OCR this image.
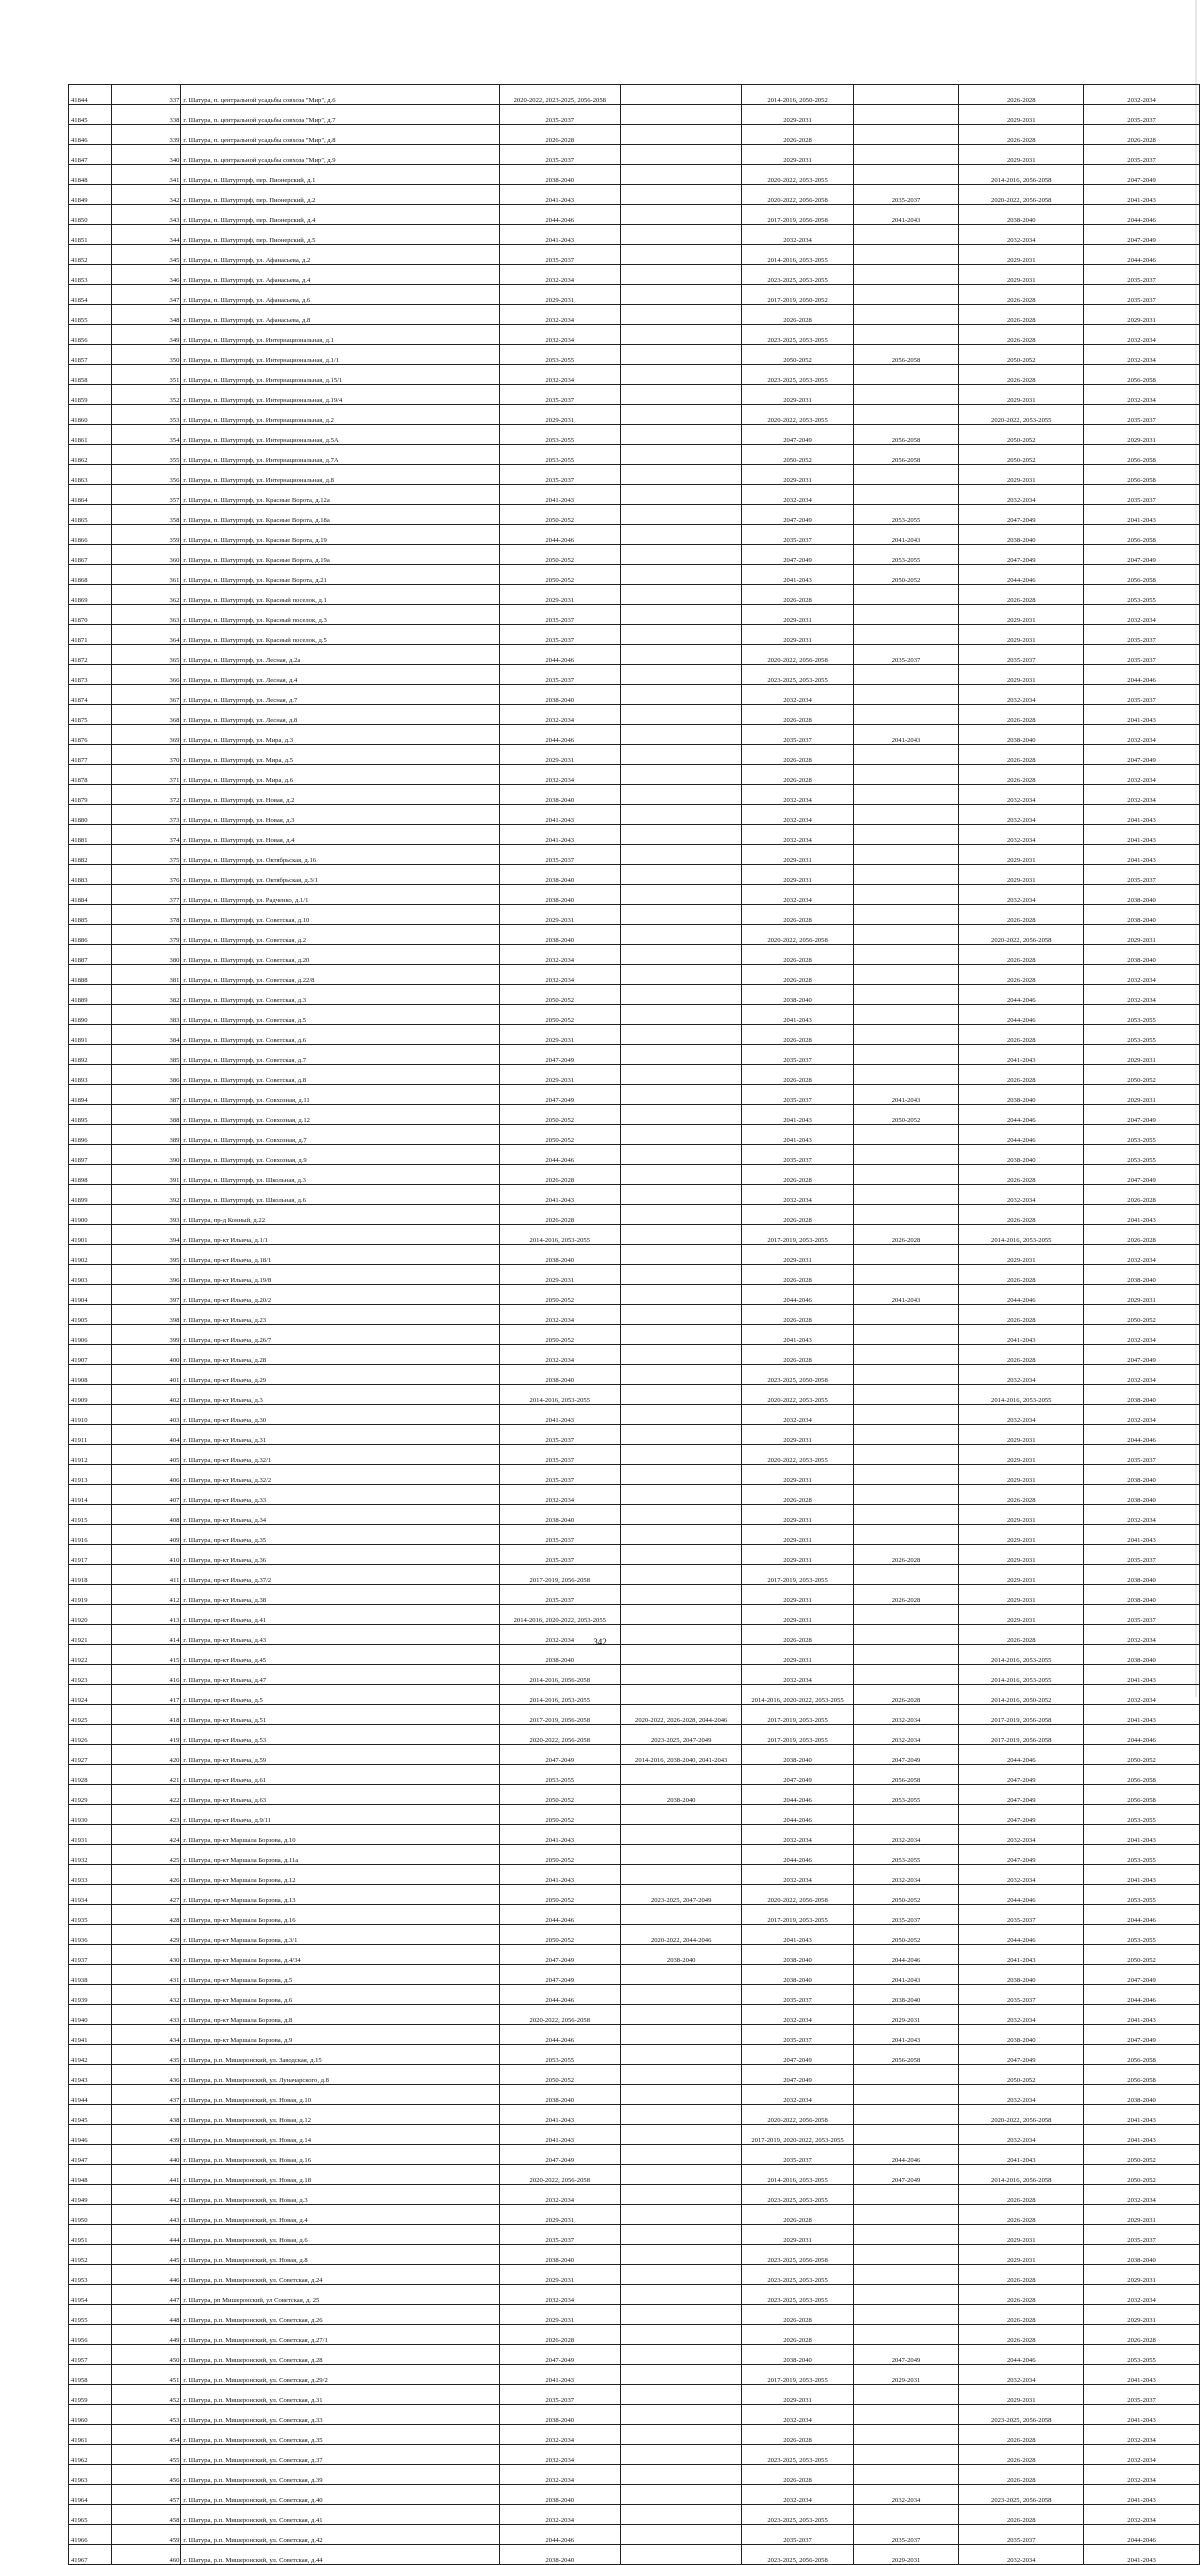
41844	337	г. Шатура, п. центральной усадьбы совхоза "Мир", д.6	2020-2022, 2023-2025, 2056-2058		2014-2016, 2050-2052		2026-2028	2032-2034
41845	338	г. Шатура, п. центральной усадьбы совхоза "Мир", д.7	2035-2037		2029-2031		2029-2031	2035-2037
41846	339	г. Шатура, п. центральной усадьбы совхоза "Мир", д.8	2026-2028		2026-2028		2026-2028	2026-2028
41847	340	г. Шатура, п. центральной усадьбы совхоза "Мир", д.9	2035-2037		2029-2031		2029-2031	2035-2037
41848	341	г. Шатура, п. Шатурторф, пер. Пионерский, д.1	2038-2040		2020-2022, 2053-2055		2014-2016, 2056-2058	2047-2049
41849	342	г. Шатура, п. Шатурторф, пер. Пионерский, д.2	2041-2043		2020-2022, 2056-2058	2035-2037	2020-2022, 2056-2058	2041-2043
41850	343	г. Шатура, п. Шатурторф, пер. Пионерский, д.4	2044-2046		2017-2019, 2056-2058	2041-2043	2038-2040	2044-2046
41851	344	г. Шатура, п. Шатурторф, пер. Пионерский, д.5	2041-2043		2032-2034		2032-2034	2047-2049
41852	345	г. Шатура, п. Шатурторф, ул. Афанасьева, д.2	2035-2037		2014-2016, 2053-2055		2029-2031	2044-2046
41853	346	г. Шатура, п. Шатурторф, ул. Афанасьева, д.4	2032-2034		2023-2025, 2053-2055		2029-2031	2035-2037
41854	347	г. Шатура, п. Шатурторф, ул. Афанасьева, д.6	2029-2031		2017-2019, 2050-2052		2026-2028	2035-2037
41855	348	г. Шатура, п. Шатурторф, ул. Афанасьева, д.8	2032-2034		2026-2028		2026-2028	2029-2031
41856	349	г. Шатура, п. Шатурторф, ул. Интернациональная, д.1	2032-2034		2023-2025, 2053-2055		2026-2028	2032-2034
41857	350	г. Шатура, п. Шатурторф, ул. Интернациональная, д.1/1	2053-2055		2050-2052	2056-2058	2050-2052	2032-2034
41858	351	г. Шатура, п. Шатурторф, ул. Интернациональная, д.15/1	2032-2034		2023-2025, 2053-2055		2026-2028	2056-2058
41859	352	г. Шатура, п. Шатурторф, ул. Интернациональная, д.19/4	2035-2037		2029-2031		2029-2031	2032-2034
41860	353	г. Шатура, п. Шатурторф, ул. Интернациональная, д.2	2029-2031		2020-2022, 2053-2055		2020-2022, 2053-2055	2035-2037
41861	354	г. Шатура, п. Шатурторф, ул. Интернациональная, д.5А	2053-2055		2047-2049	2056-2058	2050-2052	2029-2031
41862	355	г. Шатура, п. Шатурторф, ул. Интернациональная, д.7А	2053-2055		2050-2052	2056-2058	2050-2052	2056-2058
41863	356	г. Шатура, п. Шатурторф, ул. Интернациональная, д.8	2035-2037		2029-2031		2029-2031	2056-2058
41864	357	г. Шатура, п. Шатурторф, ул. Красные Ворота, д.12а	2041-2043		2032-2034		2032-2034	2035-2037
41865	358	г. Шатура, п. Шатурторф, ул. Красные Ворота, д.18а	2050-2052		2047-2049	2053-2055	2047-2049	2041-2043
41866	359	г. Шатура, п. Шатурторф, ул. Красные Ворота, д.19	2044-2046		2035-2037	2041-2043	2038-2040	2056-2058
41867	360	г. Шатура, п. Шатурторф, ул. Красные Ворота, д.19а	2050-2052		2047-2049	2053-2055	2047-2049	2047-2049
41868	361	г. Шатура, п. Шатурторф, ул. Красные Ворота, д.21	2050-2052		2041-2043	2050-2052	2044-2046	2056-2058
41869	362	г. Шатура, п. Шатурторф, ул. Красный поселок, д.1	2029-2031		2026-2028		2026-2028	2053-2055
41870	363	г. Шатура, п. Шатурторф, ул. Красный поселок, д.3	2035-2037		2029-2031		2029-2031	2032-2034
41871	364	г. Шатура, п. Шатурторф, ул. Красный поселок, д.5	2035-2037		2029-2031		2029-2031	2035-2037
41872	365	г. Шатура, п. Шатурторф, ул. Лесная, д.2а	2044-2046		2020-2022, 2056-2058	2035-2037	2035-2037	2035-2037
41873	366	г. Шатура, п. Шатурторф, ул. Лесная, д.4	2035-2037		2023-2025, 2053-2055		2029-2031	2044-2046
41874	367	г. Шатура, п. Шатурторф, ул. Лесная, д.7	2038-2040		2032-2034		2032-2034	2035-2037
41875	368	г. Шатура, п. Шатурторф, ул. Лесная, д.8	2032-2034		2026-2028		2026-2028	2041-2043
41876	369	г. Шатура, п. Шатурторф, ул. Мира, д.3	2044-2046		2035-2037	2041-2043	2038-2040	2032-2034
41877	370	г. Шатура, п. Шатурторф, ул. Мира, д.5	2029-2031		2026-2028		2026-2028	2047-2049
41878	371	г. Шатура, п. Шатурторф, ул. Мира, д.6	2032-2034		2026-2028		2026-2028	2032-2034
41879	372	г. Шатура, п. Шатурторф, ул. Новая, д.2	2038-2040		2032-2034		2032-2034	2032-2034
41880	373	г. Шатура, п. Шатурторф, ул. Новая, д.3	2041-2043		2032-2034		2032-2034	2041-2043
41881	374	г. Шатура, п. Шатурторф, ул. Новая, д.4	2041-2043		2032-2034		2032-2034	2041-2043
41882	375	г. Шатура, п. Шатурторф, ул. Октябрьская, д.16	2035-2037		2029-2031		2029-2031	2041-2043
41883	376	г. Шатура, п. Шатурторф, ул. Октябрьская, д.3/1	2038-2040		2029-2031		2029-2031	2035-2037
41884	377	г. Шатура, п. Шатурторф, ул. Радченко, д.1/1	2038-2040		2032-2034		2032-2034	2038-2040
41885	378	г. Шатура, п. Шатурторф, ул. Советская, д.10	2029-2031		2026-2028		2026-2028	2038-2040
41886	379	г. Шатура, п. Шатурторф, ул. Советская, д.2	2038-2040		2020-2022, 2056-2058		2020-2022, 2056-2058	2029-2031
41887	380	г. Шатура, п. Шатурторф, ул. Советская, д.20	2032-2034		2026-2028		2026-2028	2038-2040
41888	381	г. Шатура, п. Шатурторф, ул. Советская, д.22/8	2032-2034		2026-2028		2026-2028	2032-2034
41889	382	г. Шатура, п. Шатурторф, ул. Советская, д.3	2050-2052		2038-2040		2044-2046	2032-2034
41890	383	г. Шатура, п. Шатурторф, ул. Советская, д.5	2050-2052		2041-2043		2044-2046	2053-2055
41891	384	г. Шатура, п. Шатурторф, ул. Советская, д.6	2029-2031		2026-2028		2026-2028	2053-2055
41892	385	г. Шатура, п. Шатурторф, ул. Советская, д.7	2047-2049		2035-2037		2041-2043	2029-2031
41893	386	г. Шатура, п. Шатурторф, ул. Советская, д.8	2029-2031		2026-2028		2026-2028	2050-2052
41894	387	г. Шатура, п. Шатурторф, ул. Совхозная, д.11	2047-2049		2035-2037	2041-2043	2038-2040	2029-2031
41895	388	г. Шатура, п. Шатурторф, ул. Совхозная, д.12	2050-2052		2041-2043	2050-2052	2044-2046	2047-2049
41896	389	г. Шатура, п. Шатурторф, ул. Совхозная, д.7	2050-2052		2041-2043		2044-2046	2053-2055
41897	390	г. Шатура, п. Шатурторф, ул. Совхозная, д.9	2044-2046		2035-2037		2038-2040	2053-2055
41898	391	г. Шатура, п. Шатурторф, ул. Школьная, д.3	2026-2028		2026-2028		2026-2028	2047-2049
41899	392	г. Шатура, п. Шатурторф, ул. Школьная, д.6	2041-2043		2032-2034		2032-2034	2026-2028
41900	393	г. Шатура, пр-д Конный, д.22	2026-2028		2026-2028		2026-2028	2041-2043
41901	394	г. Шатура, пр-кт Ильича, д.1/1	2014-2016, 2053-2055		2017-2019, 2053-2055	2026-2028	2014-2016, 2053-2055	2026-2028
41902	395	г. Шатура, пр-кт Ильича, д.18/1	2038-2040		2029-2031		2029-2031	2032-2034
41903	396	г. Шатура, пр-кт Ильича, д.19/8	2029-2031		2026-2028		2026-2028	2038-2040
41904	397	г. Шатура, пр-кт Ильича, д.20/2	2050-2052		2044-2046	2041-2043	2044-2046	2029-2031
41905	398	г. Шатура, пр-кт Ильича, д.23	2032-2034		2026-2028		2026-2028	2050-2052
41906	399	г. Шатура, пр-кт Ильича, д.26/7	2050-2052		2041-2043		2041-2043	2032-2034
41907	400	г. Шатура, пр-кт Ильича, д.28	2032-2034		2026-2028		2026-2028	2047-2049
41908	401	г. Шатура, пр-кт Ильича, д.29	2038-2040		2023-2025, 2050-2058		2032-2034	2032-2034
41909	402	г. Шатура, пр-кт Ильича, д.3	2014-2016, 2053-2055		2020-2022, 2053-2055		2014-2016, 2053-2055	2038-2040
41910	403	г. Шатура, пр-кт Ильича, д.30	2041-2043		2032-2034		2032-2034	2032-2034
41911	404	г. Шатура, пр-кт Ильича, д.31	2035-2037		2029-2031		2029-2031	2044-2046
41912	405	г. Шатура, пр-кт Ильича, д.32/1	2035-2037		2020-2022, 2053-2055		2029-2031	2035-2037
41913	406	г. Шатура, пр-кт Ильича, д.32/2	2035-2037		2029-2031		2029-2031	2038-2040
41914	407	г. Шатура, пр-кт Ильича, д.33	2032-2034		2026-2028		2026-2028	2038-2040
41915	408	г. Шатура, пр-кт Ильича, д.34	2038-2040		2029-2031		2029-2031	2032-2034
41916	409	г. Шатура, пр-кт Ильича, д.35	2035-2037		2029-2031		2029-2031	2041-2043
41917	410	г. Шатура, пр-кт Ильича, д.36	2035-2037		2029-2031	2026-2028	2029-2031	2035-2037
41918	411	г. Шатура, пр-кт Ильича, д.37/2	2017-2019, 2056-2058		2017-2019, 2053-2055		2029-2031	2038-2040
41919	412	г. Шатура, пр-кт Ильича, д.38	2035-2037		2029-2031	2026-2028	2029-2031	2038-2040
41920	413	г. Шатура, пр-кт Ильича, д.41	2014-2016, 2020-2022, 2053-2055		2029-2031		2029-2031	2035-2037
41921	414	г. Шатура, пр-кт Ильича, д.43	2032-2034		2026-2028		2026-2028	2032-2034
41922	415	г. Шатура, пр-кт Ильича, д.45	2038-2040		2029-2031		2014-2016, 2053-2055	2038-2040
41923	416	г. Шатура, пр-кт Ильича, д.47	2014-2016, 2056-2058		2032-2034		2014-2016, 2053-2055	2041-2043
41924	417	г. Шатура, пр-кт Ильича, д.5	2014-2016, 2053-2055		2014-2016, 2020-2022, 2053-2055	2026-2028	2014-2016, 2050-2052	2032-2034
41925	418	г. Шатура, пр-кт Ильича, д.51	2017-2019, 2056-2058	2020-2022, 2026-2028, 2044-2046	2017-2019, 2053-2055	2032-2034	2017-2019, 2056-2058	2041-2043
41926	419	г. Шатура, пр-кт Ильича, д.53	2020-2022, 2056-2058	2023-2025, 2047-2049	2017-2019, 2053-2055	2032-2034	2017-2019, 2056-2058	2044-2046
41927	420	г. Шатура, пр-кт Ильича, д.59	2047-2049	2014-2016, 2038-2040, 2041-2043	2038-2040	2047-2049	2044-2046	2050-2052
41928	421	г. Шатура, пр-кт Ильича, д.61	2053-2055		2047-2049	2056-2058	2047-2049	2056-2058
41929	422	г. Шатура, пр-кт Ильича, д.63	2050-2052	2038-2040	2044-2046	2053-2055	2047-2049	2056-2058
41930	423	г. Шатура, пр-кт Ильича, д.9/11	2050-2052		2044-2046		2047-2049	2053-2055
41931	424	г. Шатура, пр-кт Маршала Борзова, д.10	2041-2043		2032-2034	2032-2034	2032-2034	2041-2043
41932	425	г. Шатура, пр-кт Маршала Борзова, д.11а	2050-2052		2044-2046	2053-2055	2047-2049	2053-2055
41933	426	г. Шатура, пр-кт Маршала Борзова, д.12	2041-2043		2032-2034	2032-2034	2032-2034	2041-2043
41934	427	г. Шатура, пр-кт Маршала Борзова, д.13	2050-2052	2023-2025, 2047-2049	2020-2022, 2056-2058	2050-2052	2044-2046	2053-2055
41935	428	г. Шатура, пр-кт Маршала Борзова, д.16	2044-2046		2017-2019, 2053-2055	2035-2037	2035-2037	2044-2046
41936	429	г. Шатура, пр-кт Маршала Борзова, д.3/1	2050-2052	2020-2022, 2044-2046	2041-2043	2050-2052	2044-2046	2053-2055
41937	430	г. Шатура, пр-кт Маршала Борзова, д.4/34	2047-2049	2038-2040	2038-2040	2044-2046	2041-2043	2050-2052
41938	431	г. Шатура, пр-кт Маршала Борзова, д.5	2047-2049		2038-2040	2041-2043	2038-2040	2047-2049
41939	432	г. Шатура, пр-кт Маршала Борзова, д.6	2044-2046		2035-2037	2038-2040	2035-2037	2044-2046
41940	433	г. Шатура, пр-кт Маршала Борзова, д.8	2020-2022, 2056-2058		2032-2034	2029-2031	2032-2034	2041-2043
41941	434	г. Шатура, пр-кт Маршала Борзова, д.9	2044-2046		2035-2037	2041-2043	2038-2040	2047-2049
41942	435	г. Шатура, р.п. Мишеронский, ул. Заводская, д.15	2053-2055		2047-2049	2056-2058	2047-2049	2056-2058
41943	436	г. Шатура, р.п. Мишеронский, ул. Луначарского, д.8	2050-2052		2047-2049		2050-2052	2056-2058
41944	437	г. Шатура, р.п. Мишеронский, ул. Новая, д.10	2038-2040		2032-2034		2032-2034	2038-2040
41945	438	г. Шатура, р.п. Мишеронский, ул. Новая, д.12	2041-2043		2020-2022, 2056-2058		2020-2022, 2056-2058	2041-2043
41946	439	г. Шатура, р.п. Мишеронский, ул. Новая, д.14	2041-2043		2017-2019, 2020-2022, 2053-2055		2032-2034	2041-2043
41947	440	г. Шатура, р.п. Мишеронский, ул. Новая, д.16	2047-2049		2035-2037	2044-2046	2041-2043	2050-2052
41948	441	г. Шатура, р.п. Мишеронский, ул. Новая, д.18	2020-2022, 2056-2058		2014-2016, 2053-2055	2047-2049	2014-2016, 2056-2058	2050-2052
41949	442	г. Шатура, р.п. Мишеронский, ул. Новая, д.3	2032-2034		2023-2025, 2053-2055		2026-2028	2032-2034
41950	443	г. Шатура, р.п. Мишеронский, ул. Новая, д.4	2029-2031		2026-2028		2026-2028	2029-2031
41951	444	г. Шатура, р.п. Мишеронский, ул. Новая, д.6	2035-2037		2029-2031		2029-2031	2035-2037
41952	445	г. Шатура, р.п. Мишеронский, ул. Новая, д.8	2038-2040		2023-2025, 2056-2058		2029-2031	2038-2040
41953	446	г. Шатура, р.п. Мишеронский, ул. Советская, д.24	2029-2031		2023-2025, 2053-2055		2026-2028	2029-2031
41954	447	г. Шатура, рп Мишеронский, ул Советская, д. 25	2032-2034		2023-2025, 2053-2055		2026-2028	2032-2034
41955	448	г. Шатура, р.п. Мишеронский, ул. Советская, д.26	2029-2031		2026-2028		2026-2028	2029-2031
41956	449	г. Шатура, р.п. Мишеронский, ул. Советская, д.27/1	2026-2028		2026-2028		2026-2028	2026-2028
41957	450	г. Шатура, р.п. Мишеронский, ул. Советская, д.28	2047-2049		2038-2040	2047-2049	2044-2046	2053-2055
41958	451	г. Шатура, р.п. Мишеронский, ул. Советская, д.29/2	2041-2043		2017-2019, 2053-2055	2029-2031	2032-2034	2041-2043
41959	452	г. Шатура, р.п. Мишеронский, ул. Советская, д.31	2035-2037		2029-2031		2029-2031	2035-2037
41960	453	г. Шатура, р.п. Мишеронский, ул. Советская, д.33	2038-2040		2032-2034		2023-2025, 2056-2058	2041-2043
41961	454	г. Шатура, р.п. Мишеронский, ул. Советская, д.35	2032-2034		2026-2028		2026-2028	2032-2034
41962	455	г. Шатура, р.п. Мишеронский, ул. Советская, д.37	2032-2034		2023-2025, 2053-2055		2026-2028	2032-2034
41963	456	г. Шатура, р.п. Мишеронский, ул. Советская, д.39	2032-2034		2026-2028		2026-2028	2032-2034
41964	457	г. Шатура, р.п. Мишеронский, ул. Советская, д.40	2038-2040		2032-2034	2032-2034	2023-2025, 2056-2058	2041-2043
41965	458	г. Шатура, р.п. Мишеронский, ул. Советская, д.41	2032-2034		2023-2025, 2053-2055		2026-2028	2032-2034
41966	459	г. Шатура, р.п. Мишеронский, ул. Советская, д.42	2044-2046		2035-2037	2035-2037	2035-2037	2044-2046
41967	460	г. Шатура, р.п. Мишеронский, ул. Советская, д.44	2038-2040		2023-2025, 2056-2058	2029-2031	2032-2034	2041-2043
342
